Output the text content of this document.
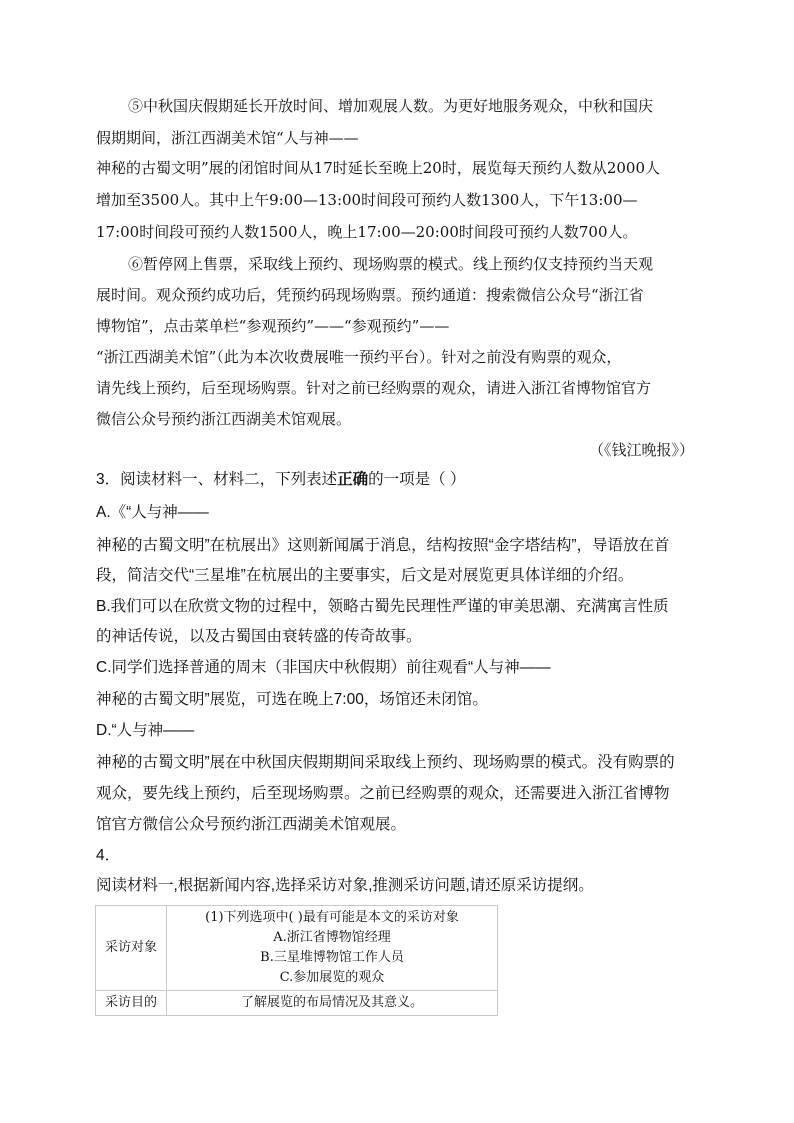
⑤中秋国庆假期延长开放时间、增加观展人数。为更好地服务观众，中秋和国庆
假期期间，浙江西湖美术馆“人与神——
神秘的古蜀文明”展的闭馆时间从17时延长至晚上20时，展览每天预约人数从2000人
增加至3500人。其中上午9:00—13:00时间段可预约人数1300人，下午13:00—
17:00时间段可预约人数1500人，晚上17:00—20:00时间段可预约人数700人。
⑥暂停网上售票，采取线上预约、现场购票的模式。线上预约仅支持预约当天观
展时间。观众预约成功后，凭预约码现场购票。预约通道：搜索微信公众号“浙江省
博物馆”，点击菜单栏“参观预约”——“参观预约”——
“浙江西湖美术馆”（此为本次收费展唯一预约平台）。针对之前没有购票的观众，
请先线上预约，后至现场购票。针对之前已经购票的观众，请进入浙江省博物馆官方
微信公众号预约浙江西湖美术馆观展。
（《钱江晚报》）
3．阅读材料一、材料二，下列表述正确的一项是（ ）
A.《“人与神——
神秘的古蜀文明”在杭展出》这则新闻属于消息，结构按照“金字塔结构”，导语放在首
段，简洁交代“三星堆”在杭展出的主要事实，后文是对展览更具体详细的介绍。
B.我们可以在欣赏文物的过程中，领略古蜀先民理性严谨的审美思潮、充满寓言性质
的神话传说，以及古蜀国由衰转盛的传奇故事。
C.同学们选择普通的周末（非国庆中秋假期）前往观看“人与神——
神秘的古蜀文明”展览，可选在晚上7:00，场馆还未闭馆。
D.“人与神——
神秘的古蜀文明”展在中秋国庆假期期间采取线上预约、现场购票的模式。没有购票的
观众，要先线上预约，后至现场购票。之前已经购票的观众，还需要进入浙江省博物
馆官方微信公众号预约浙江西湖美术馆观展。
4．
阅读材料一,根据新闻内容,选择采访对象,推测采访问题,请还原采访提纲。
采访对象	(1)下列选项中( )最有可能是本文的采访对象
A.浙江省博物馆经理
B.三星堆博物馆工作人员
C.参加展览的观众

采访目的	了解展览的布局情况及其意义。
